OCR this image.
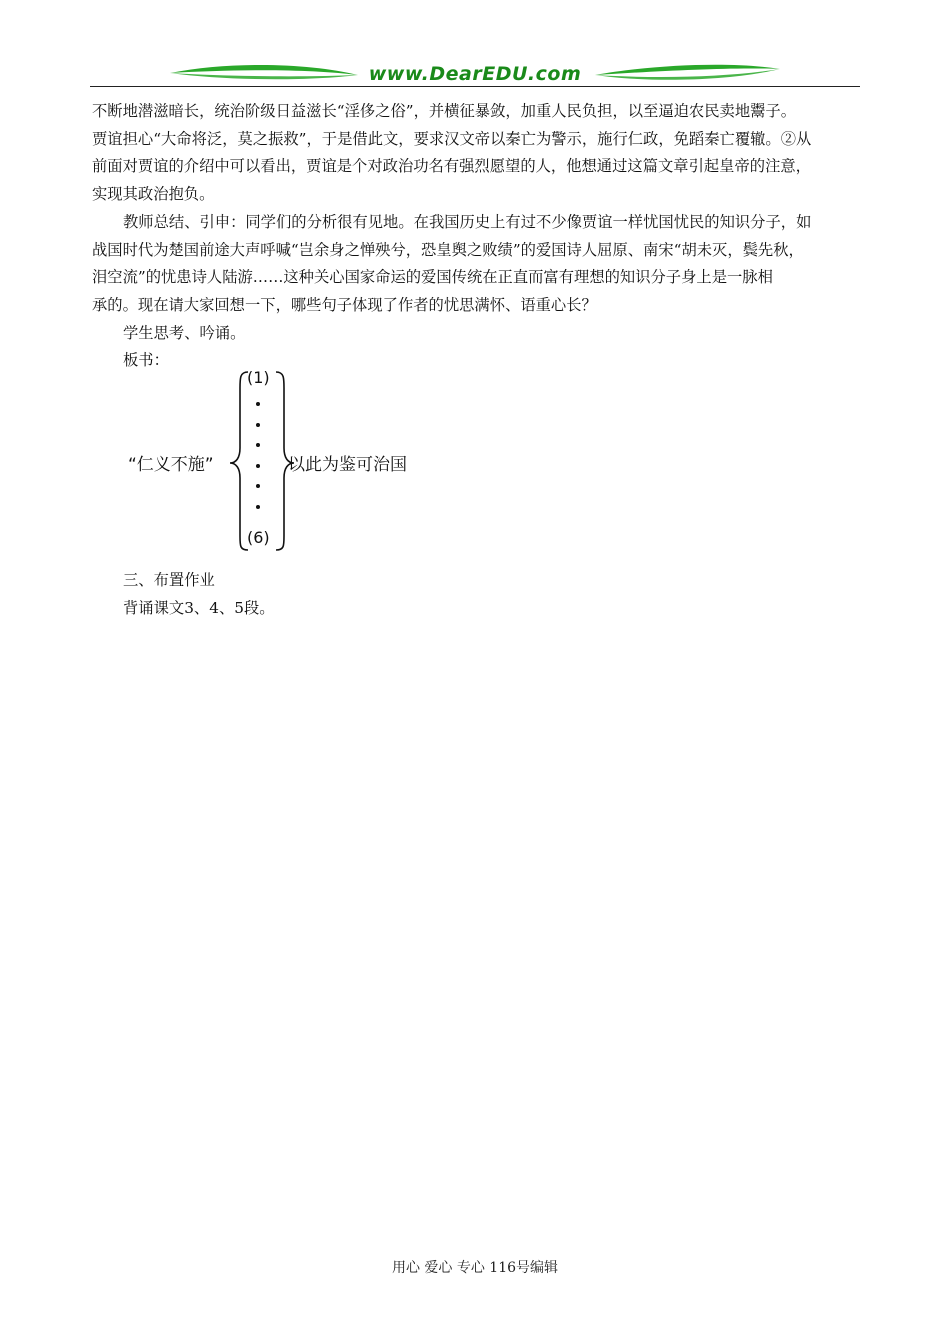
www.DearEDU.com

不断地潜滋暗长，统治阶级日益滋长“淫侈之俗”，并横征暴敛，加重人民负担，以至逼迫农民卖地鬻子。
贾谊担心“大命将泛，莫之振救”，于是借此文，要求汉文帝以秦亡为警示，施行仁政，免蹈秦亡覆辙。②从
前面对贾谊的介绍中可以看出，贾谊是个对政治功名有强烈愿望的人，他想通过这篇文章引起皇帝的注意，
实现其政治抱负。

教师总结、引申：同学们的分析很有见地。在我国历史上有过不少像贾谊一样忧国忧民的知识分子，如
战国时代为楚国前途大声呼喊“岂余身之惮殃兮，恐皇舆之败绩”的爱国诗人屈原、南宋“胡未灭，鬓先秋，
泪空流”的忧患诗人陆游……这种关心国家命运的爱国传统在正直而富有理想的知识分子身上是一脉相
承的。现在请大家回想一下，哪些句子体现了作者的忧思满怀、语重心长？

学生思考、吟诵。

板书：

“仁义不施”
(1)
(6)
以此为鉴可治国

三、布置作业

背诵课文3、4、5段。

用心 爱心 专心 116号编辑
